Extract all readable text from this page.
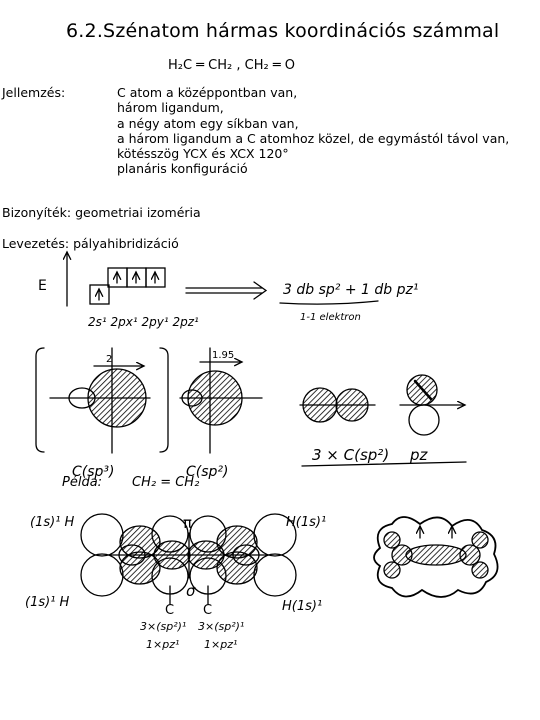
6.2.Szénatom hármas koordinációs számmal
H₂C ═ CH₂ , CH₂ ═ O
Jellemzés:	C atom a középpontban van,
három ligandum,
a négy atom egy síkban van,
a három ligandum a C atomhoz közel, de egymástól távol van,
kötésszög YCX és XCX 120°
planáris konfiguráció
Bizonyíték: geometriai izoméria
Levezetés: pályahibridizáció
E
2s¹ 2px¹ 2py¹ 2pz¹
3 db sp² + 1 db pz¹
1-1 elektron
2
C(sp³)
1.95
C(sp²)
3 × C(sp²) pz
Példa: CH₂ = CH₂
(1s)¹ H
(1s)¹ H
H(1s)¹
H(1s)¹
π
σ
C C
3×(sp²)¹ 3×(sp²)¹
1×pz¹ 1×pz¹
